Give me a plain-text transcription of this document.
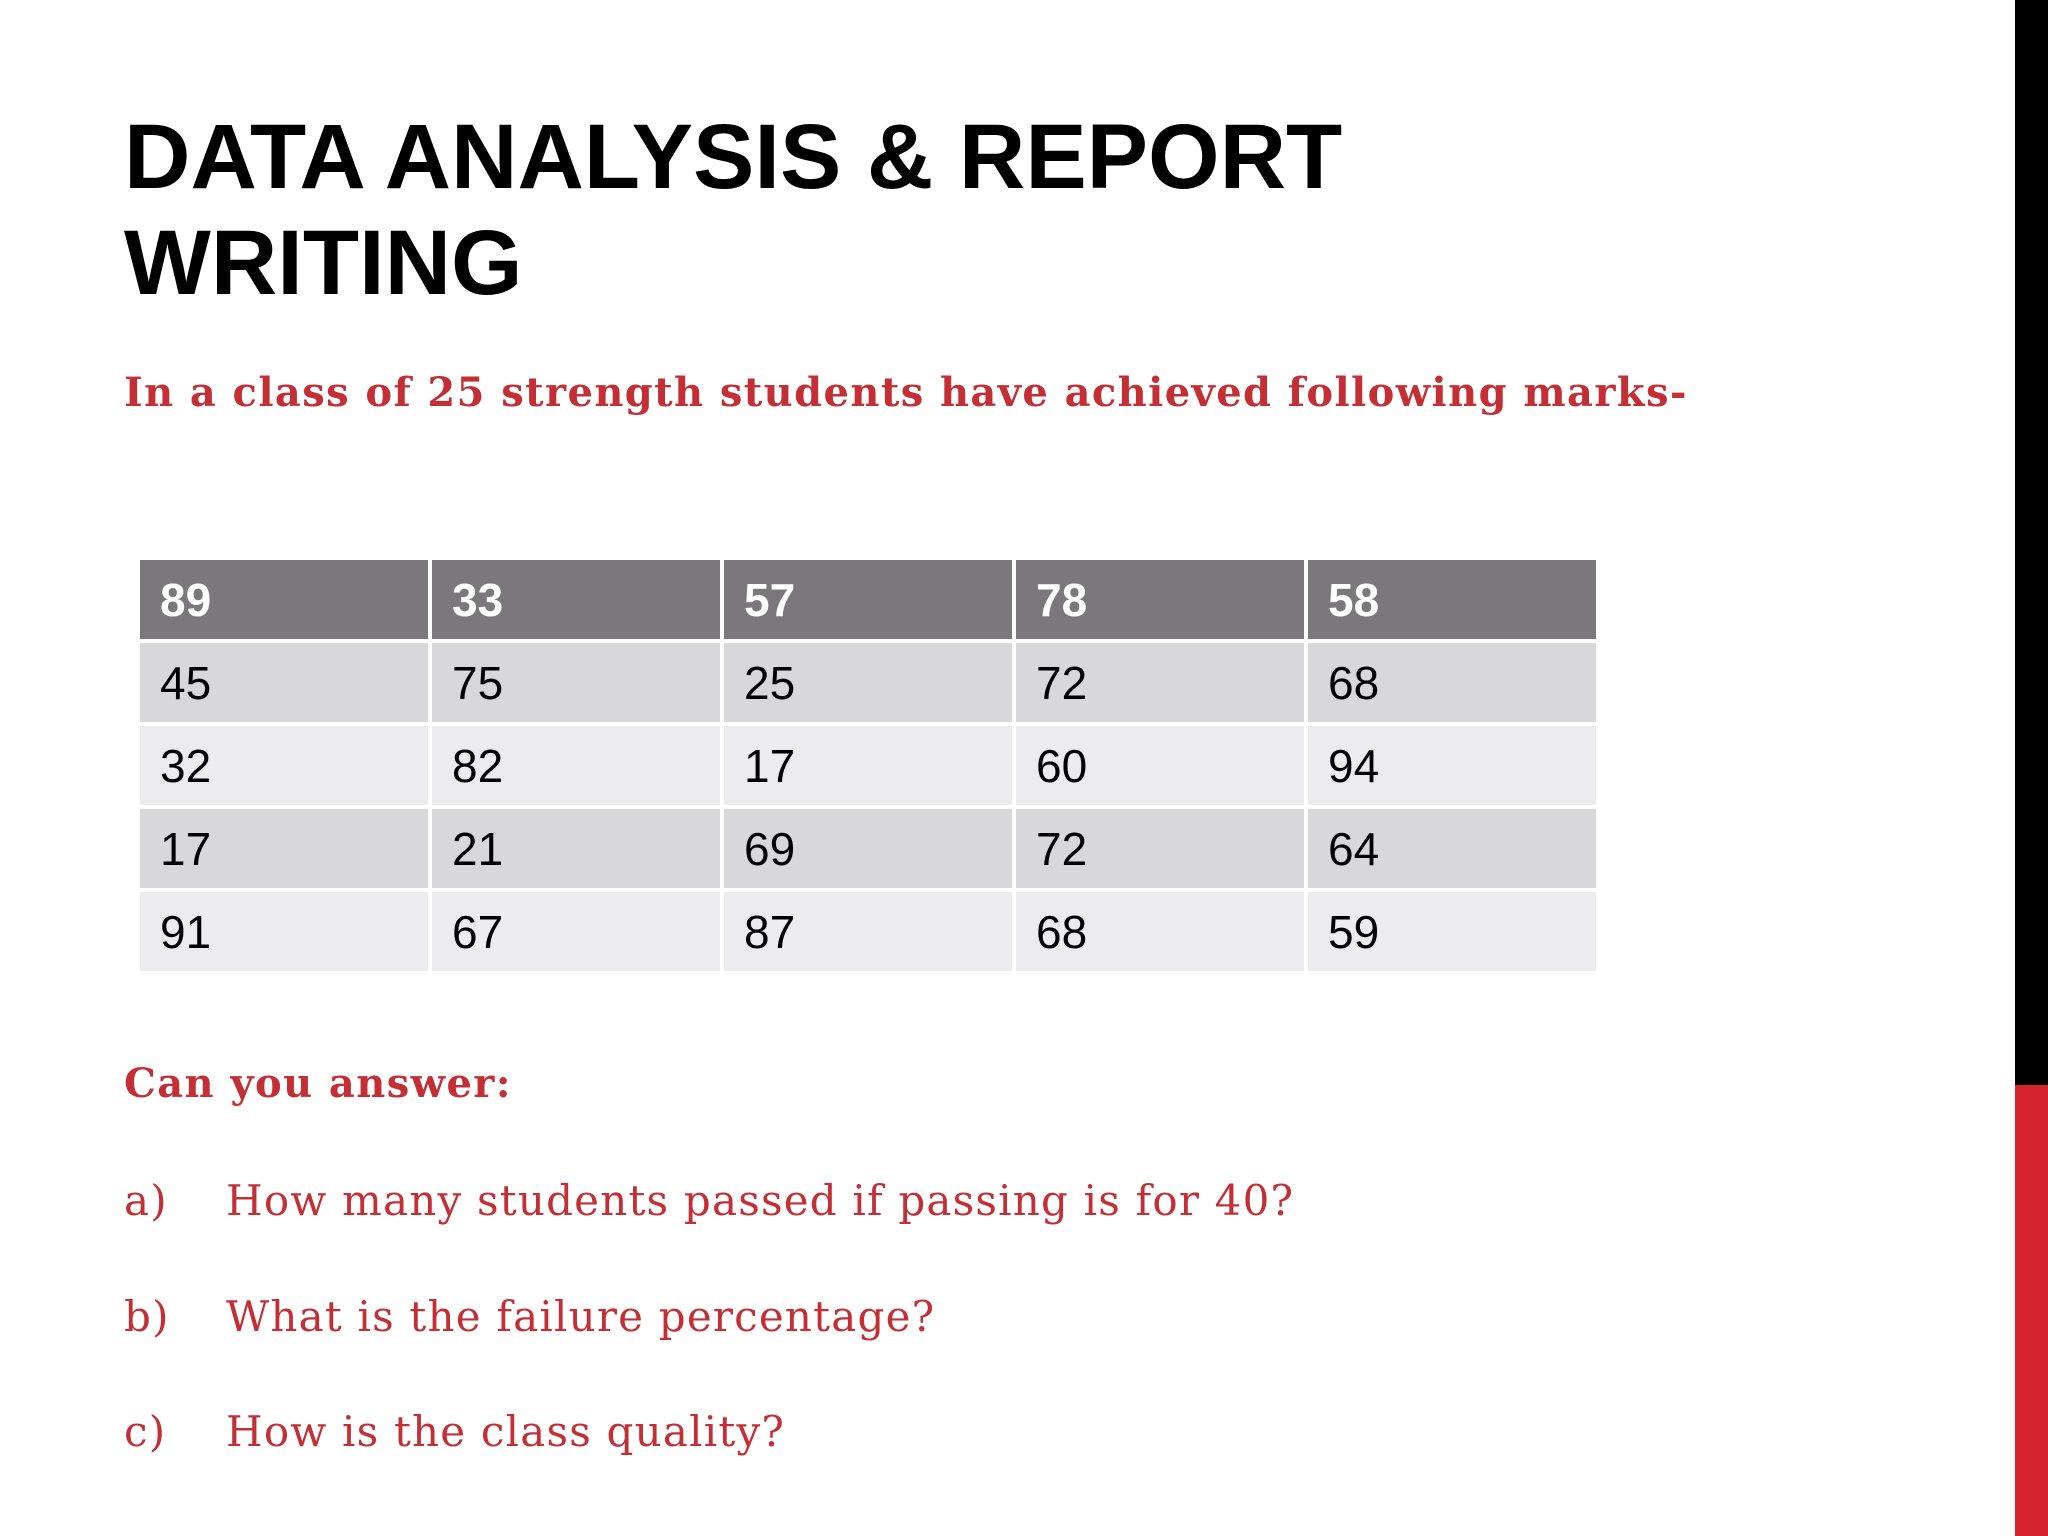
DATA ANALYSIS & REPORT
WRITING

In a class of 25 strength students have achieved following marks-

89	33	57	78	58
45	75	25	72	68
32	82	17	60	94
17	21	69	72	64
91	67	87	68	59

Can you answer:

a) How many students passed if passing is for 40?
b) What is the failure percentage?
c) How is the class quality?
